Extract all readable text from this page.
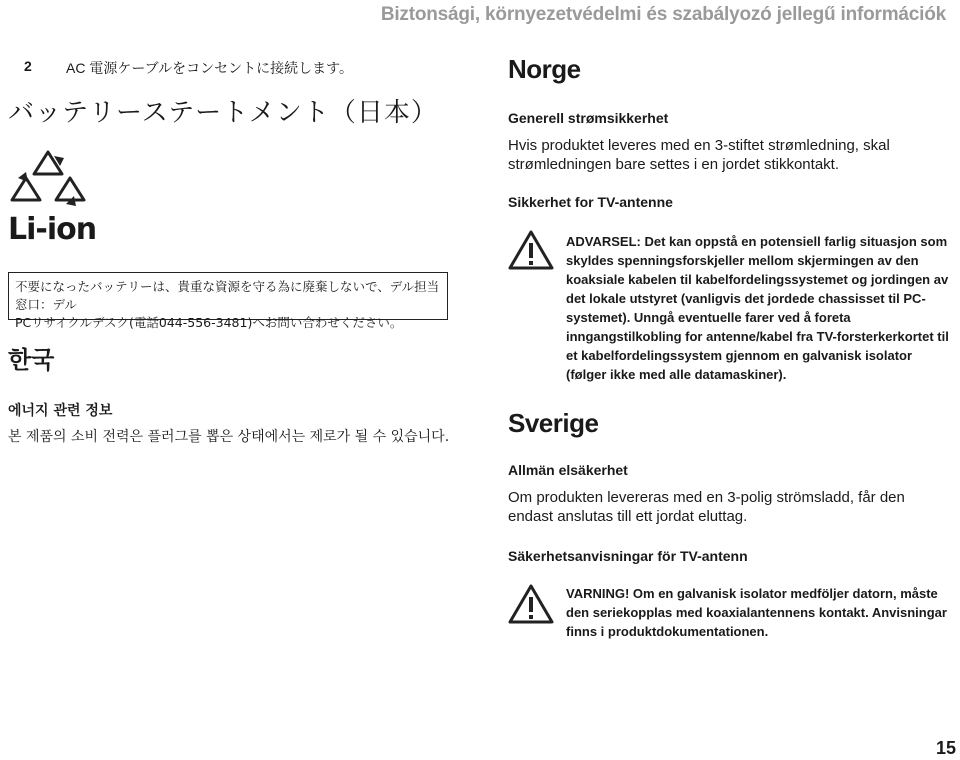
Biztonsági, környezetvédelmi és szabályozó jellegű információk
2 AC 電源ケーブルをコンセントに接続します。
バッテリーステートメント（日本）
Li-ion
不要になったバッテリーは、貴重な資源を守る為に廃棄しないで、デル担当窓口：デル
PCリサイクルデスク(電話044-556-3481)へお問い合わせください。
한국
에너지 관련 정보
본 제품의 소비 전력은 플러그를 뽑은 상태에서는 제로가 될 수 있습니다.
Norge
Generell strømsikkerhet
Hvis produktet leveres med en 3-stiftet strømledning, skal strømledningen bare settes i en jordet stikkontakt.
Sikkerhet for TV-antenne
ADVARSEL: Det kan oppstå en potensiell farlig situasjon som skyldes spenningsforskjeller mellom skjermingen av den koaksiale kabelen til kabelfordelingssystemet og jordingen av det lokale utstyret (vanligvis det jordede chassisset til PC-systemet). Unngå eventuelle farer ved å foreta inngangstilkobling for antenne/kabel fra TV-forsterkerkortet til et kabelfordelingssystem gjennom en galvanisk isolator (følger ikke med alle datamaskiner).
Sverige
Allmän elsäkerhet
Om produkten levereras med en 3-polig strömsladd, får den endast anslutas till ett jordat eluttag.
Säkerhetsanvisningar för TV-antenn
VARNING! Om en galvanisk isolator medföljer datorn, måste den seriekopplas med koaxialantennens kontakt. Anvisningar finns i produktdokumentationen.
15
